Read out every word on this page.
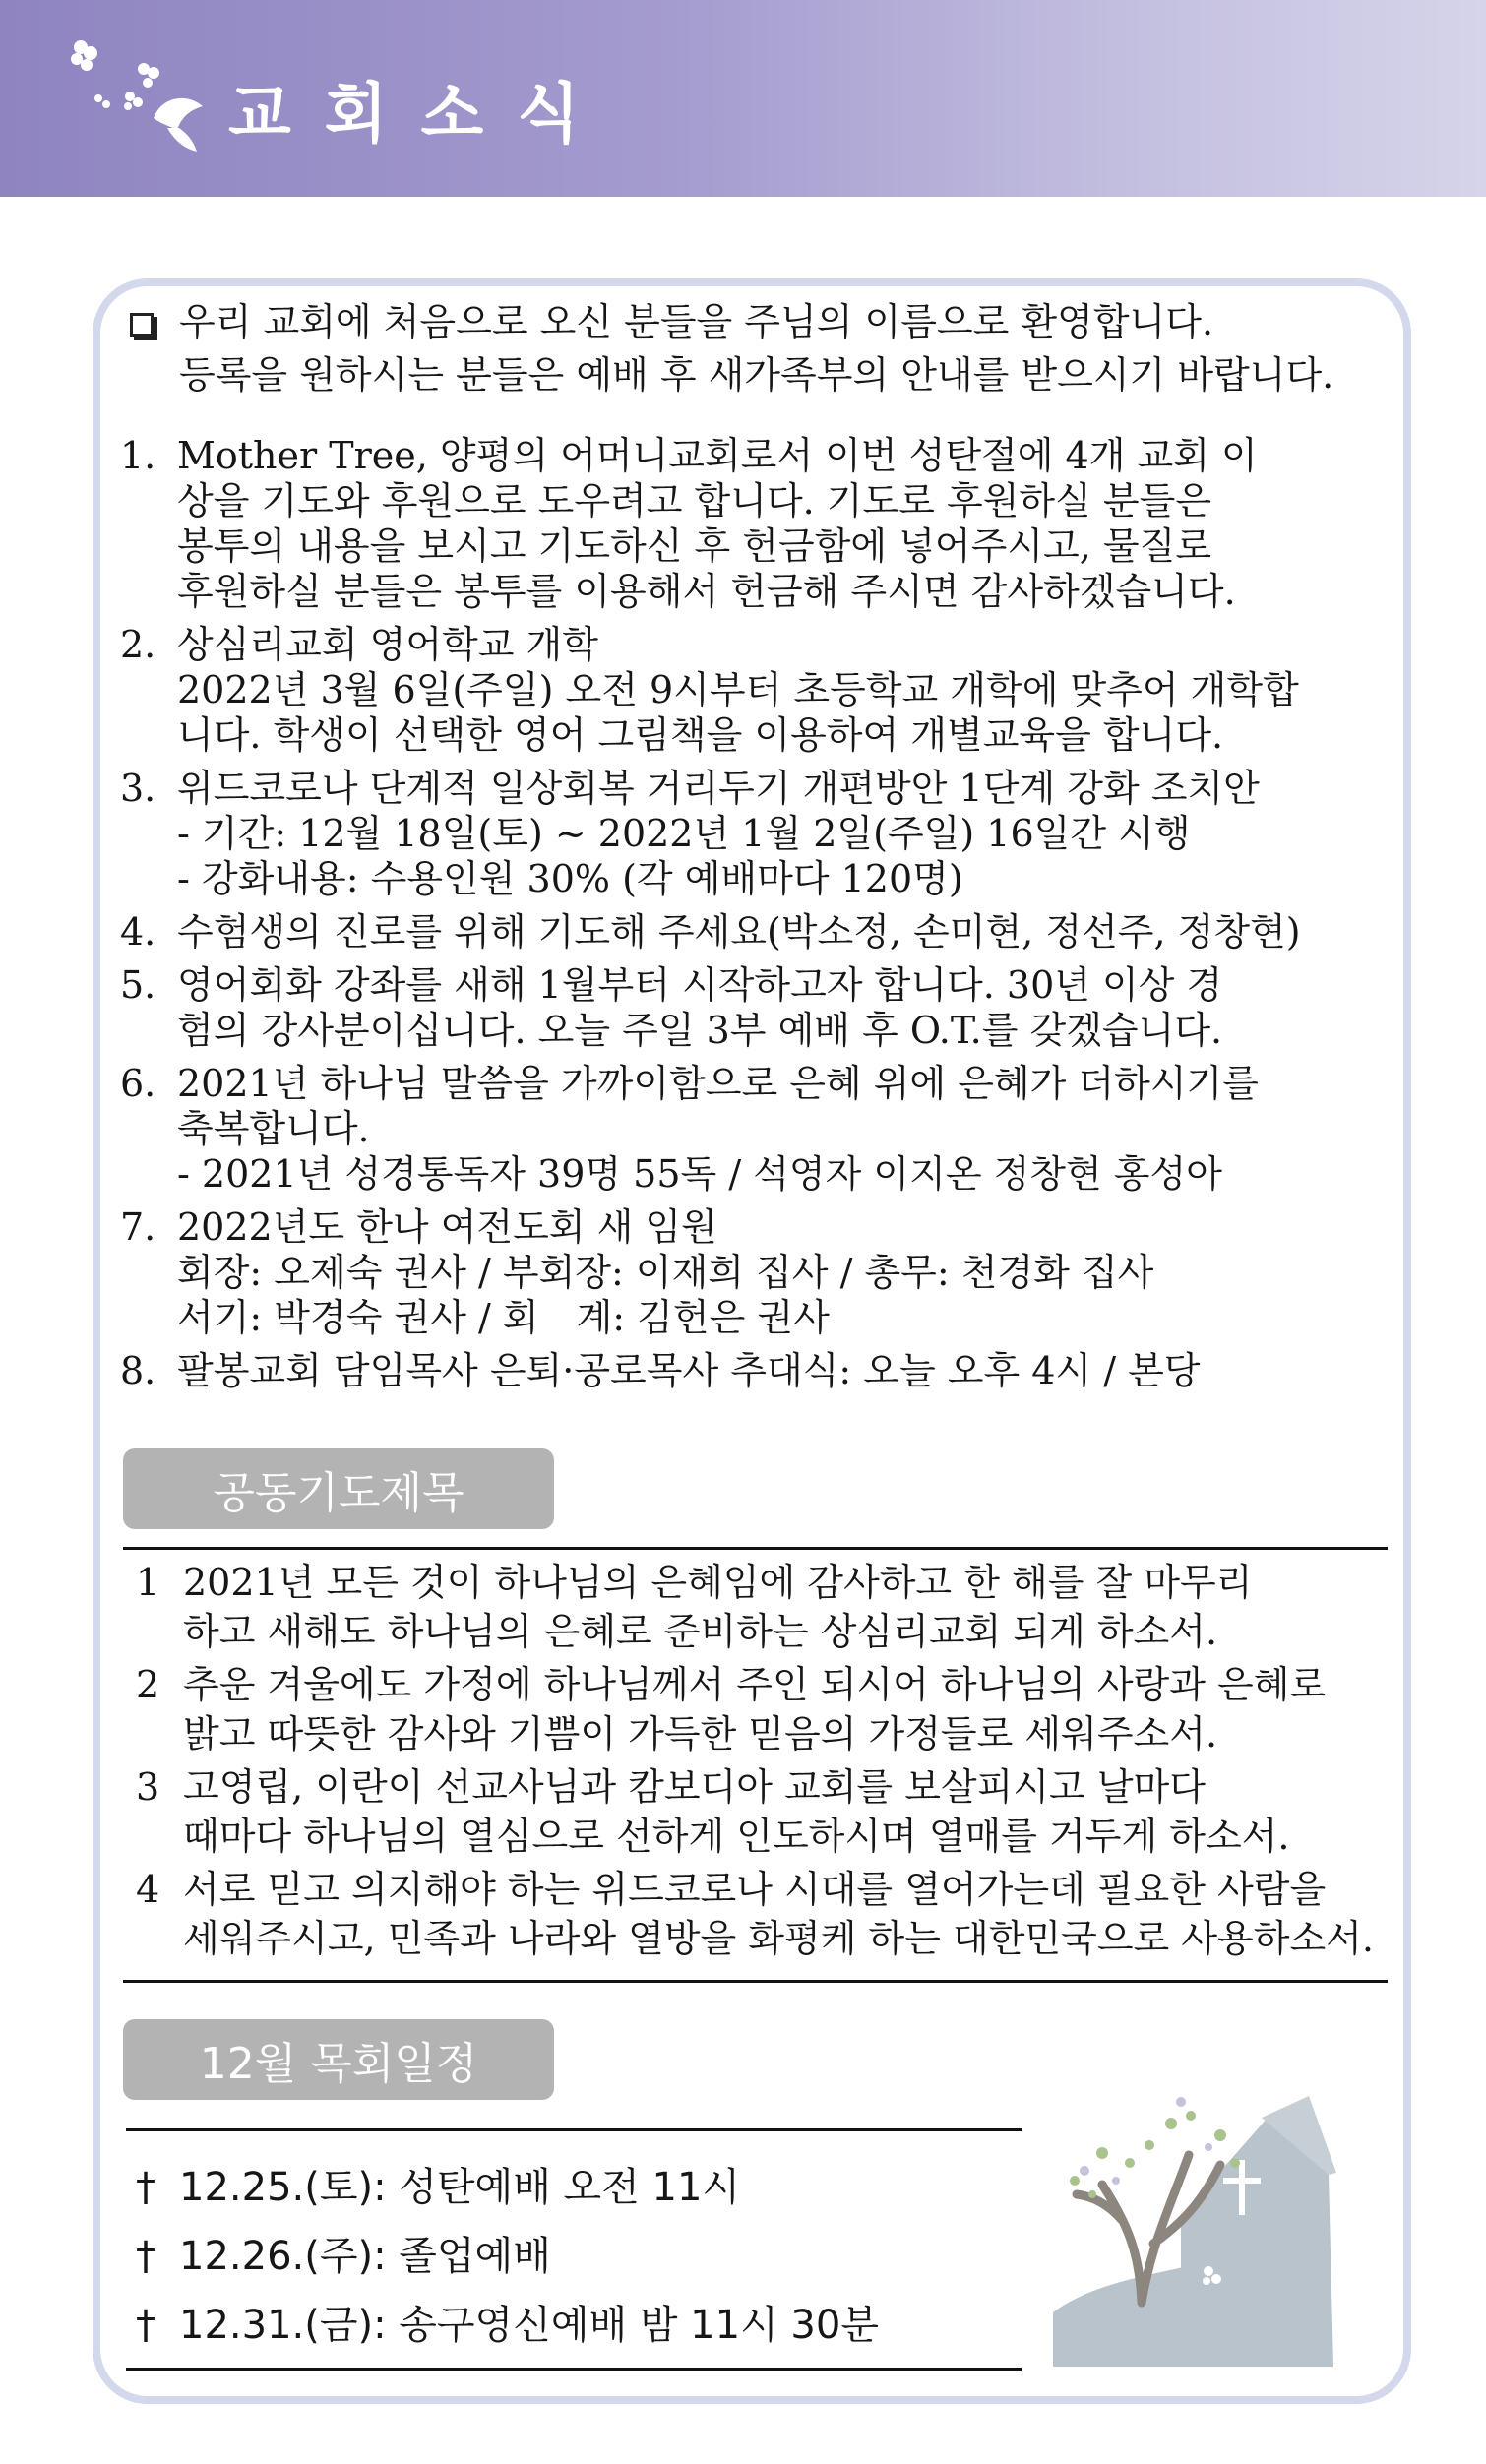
교회소식
우리 교회에 처음으로 오신 분들을 주님의 이름으로 환영합니다.
등록을 원하시는 분들은 예배 후 새가족부의 안내를 받으시기 바랍니다.
1. Mother Tree, 양평의 어머니교회로서 이번 성탄절에 4개 교회 이
상을 기도와 후원으로 도우려고 합니다. 기도로 후원하실 분들은
봉투의 내용을 보시고 기도하신 후 헌금함에 넣어주시고, 물질로
후원하실 분들은 봉투를 이용해서 헌금해 주시면 감사하겠습니다.
2. 상심리교회 영어학교 개학
2022년 3월 6일(주일) 오전 9시부터 초등학교 개학에 맞추어 개학합
니다. 학생이 선택한 영어 그림책을 이용하여 개별교육을 합니다.
3. 위드코로나 단계적 일상회복 거리두기 개편방안 1단계 강화 조치안
- 기간: 12월 18일(토) ~ 2022년 1월 2일(주일) 16일간 시행
- 강화내용: 수용인원 30% (각 예배마다 120명)
4. 수험생의 진로를 위해 기도해 주세요(박소정, 손미현, 정선주, 정창현)
5. 영어회화 강좌를 새해 1월부터 시작하고자 합니다. 30년 이상 경
험의 강사분이십니다. 오늘 주일 3부 예배 후 O.T.를 갖겠습니다.
6. 2021년 하나님 말씀을 가까이함으로 은혜 위에 은혜가 더하시기를
축복합니다.
- 2021년 성경통독자 39명 55독 / 석영자 이지온 정창현 홍성아
7. 2022년도 한나 여전도회 새 임원
회장: 오제숙 권사 / 부회장: 이재희 집사 / 총무: 천경화 집사
서기: 박경숙 권사 / 회　계: 김헌은 권사
8. 팔봉교회 담임목사 은퇴·공로목사 추대식: 오늘 오후 4시 / 본당
공동기도제목
1 2021년 모든 것이 하나님의 은혜임에 감사하고 한 해를 잘 마무리
하고 새해도 하나님의 은혜로 준비하는 상심리교회 되게 하소서.
2 추운 겨울에도 가정에 하나님께서 주인 되시어 하나님의 사랑과 은혜로
밝고 따뜻한 감사와 기쁨이 가득한 믿음의 가정들로 세워주소서.
3 고영립, 이란이 선교사님과 캄보디아 교회를 보살피시고 날마다
때마다 하나님의 열심으로 선하게 인도하시며 열매를 거두게 하소서.
4 서로 믿고 의지해야 하는 위드코로나 시대를 열어가는데 필요한 사람을
세워주시고, 민족과 나라와 열방을 화평케 하는 대한민국으로 사용하소서.
12월 목회일정
† 12.25.(토): 성탄예배 오전 11시
† 12.26.(주): 졸업예배
† 12.31.(금): 송구영신예배 밤 11시 30분
